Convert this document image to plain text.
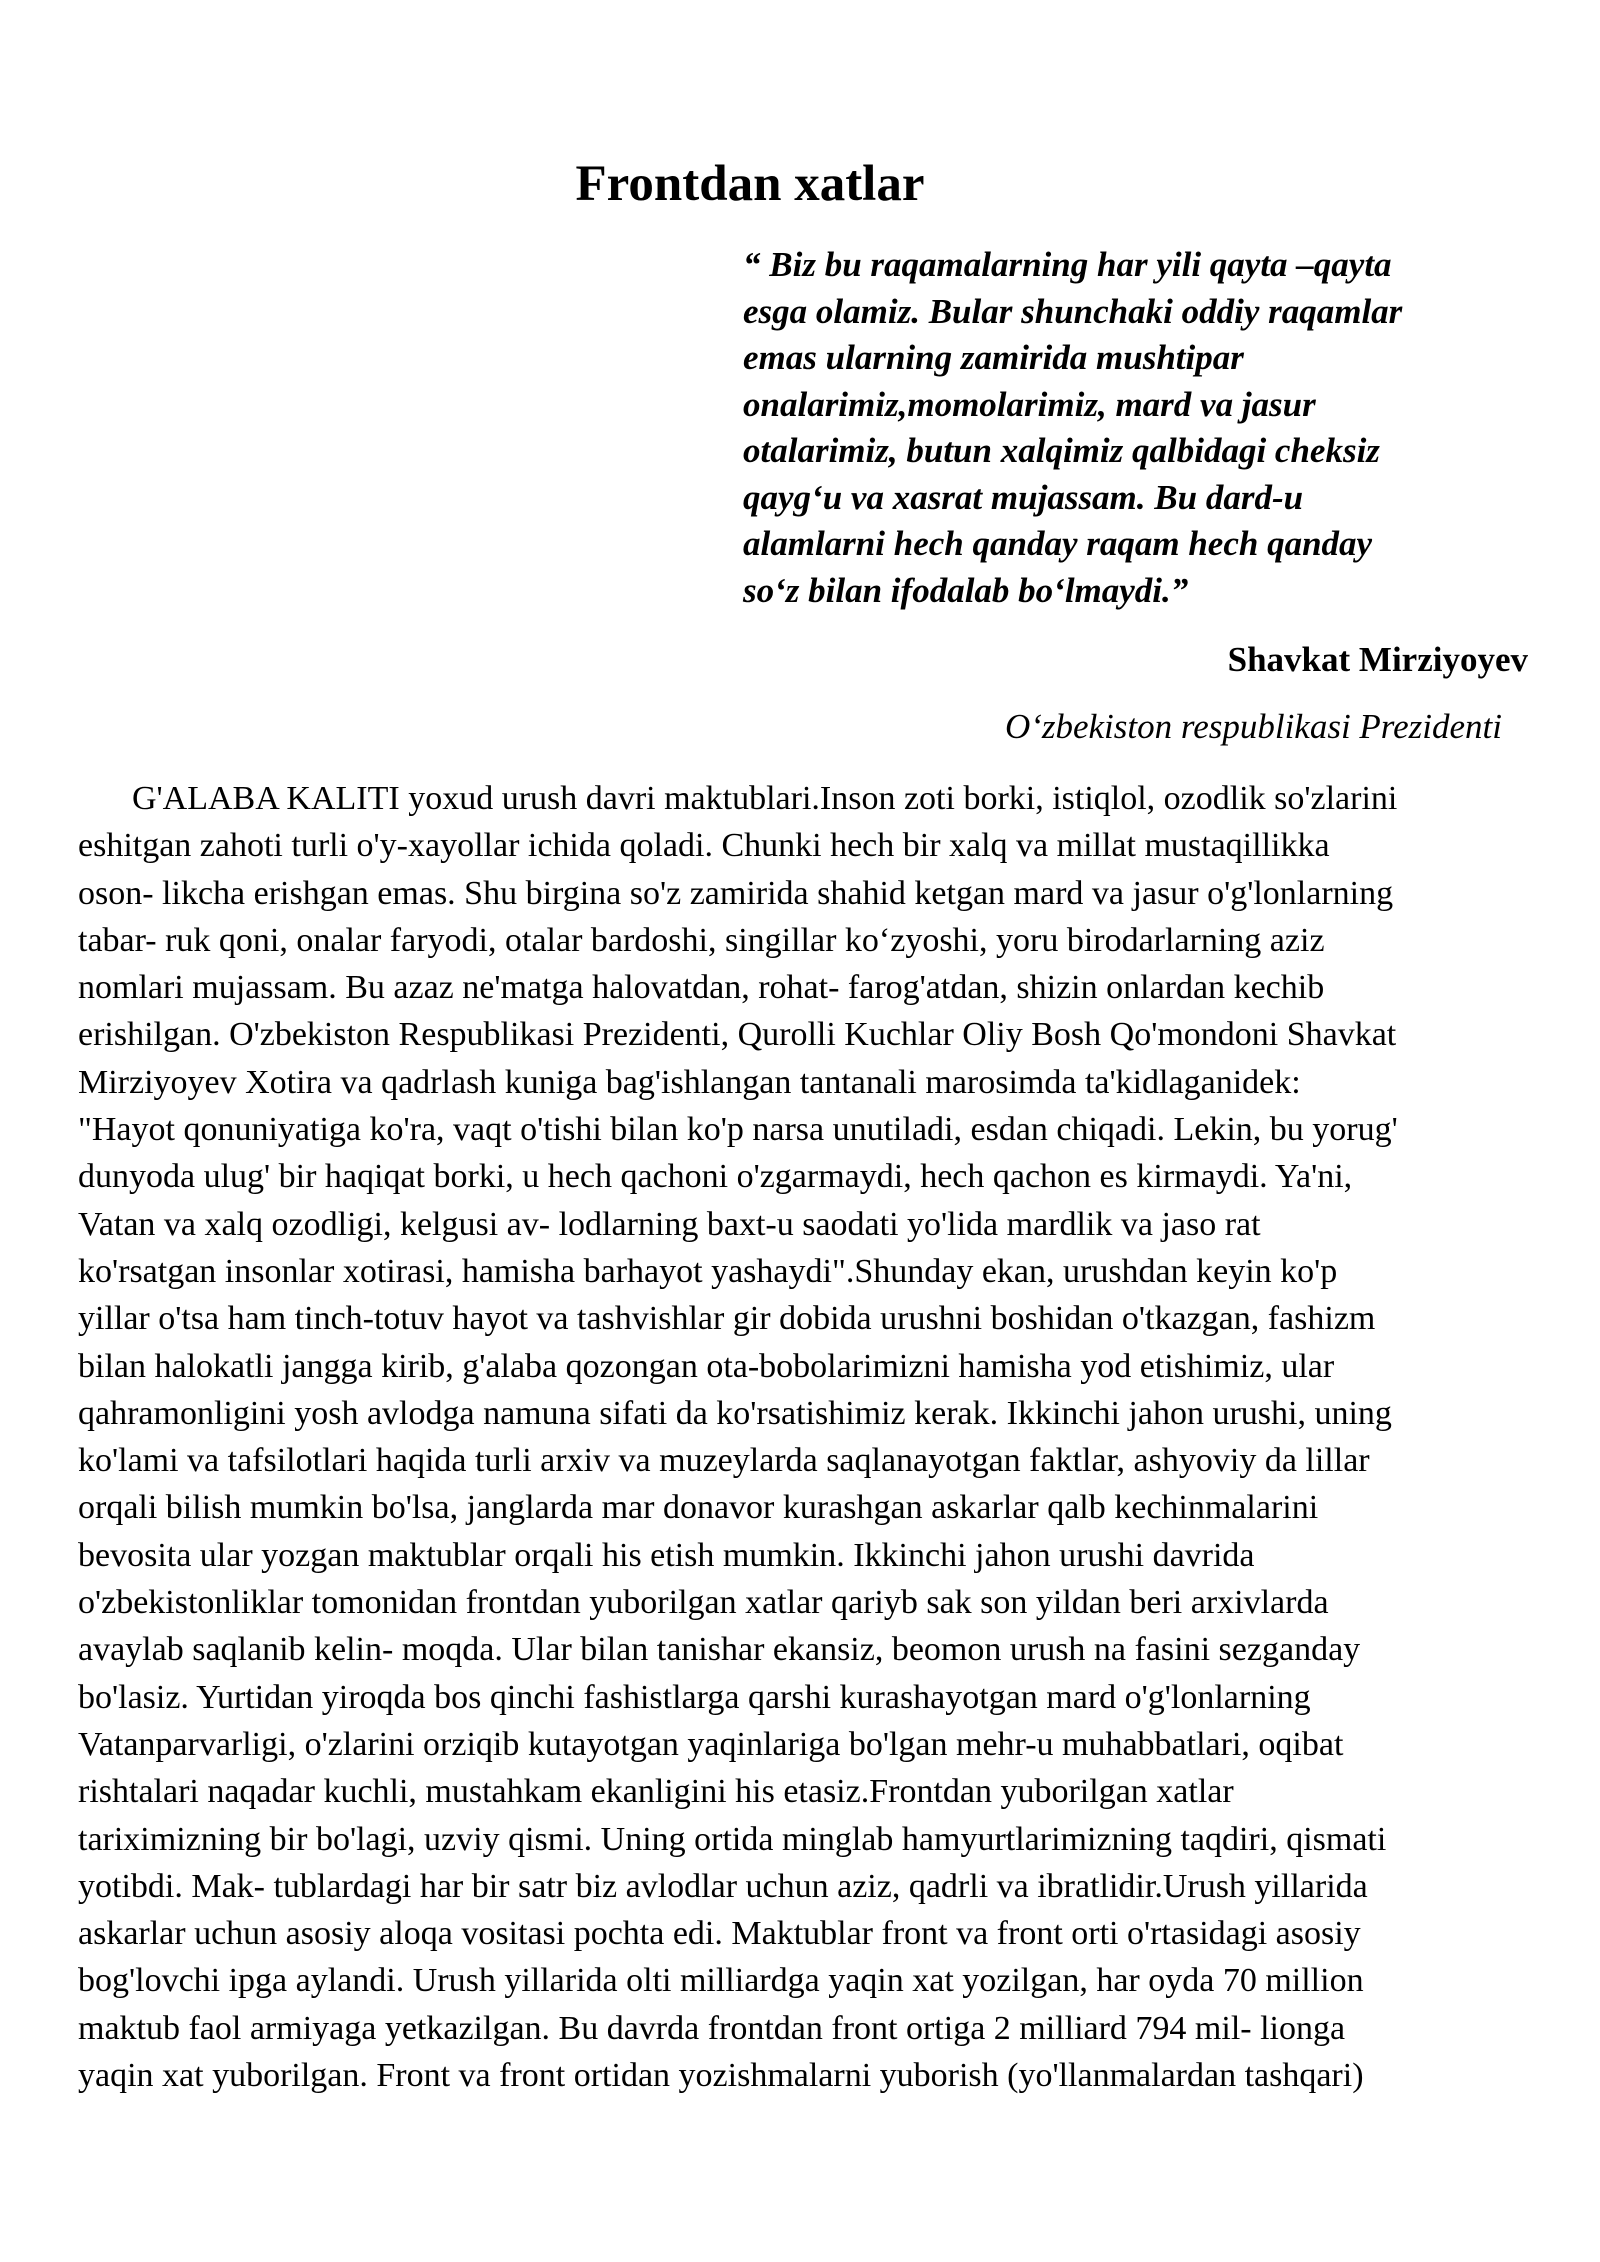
Frontdan xatlar
“ Biz bu raqamalarning har yili qayta –qayta
esga olamiz. Bular shunchaki oddiy raqamlar
emas ularning zamirida mushtipar
onalarimiz,momolarimiz, mard va jasur
otalarimiz, butun xalqimiz qalbidagi cheksiz
qayg‘u va xasrat mujassam. Bu dard-u
alamlarni hech qanday raqam hech qanday
so‘z bilan ifodalab bo‘lmaydi.”

Shavkat Mirziyoyev

O‘zbekiston respublikasi Prezidenti

G'ALABA KALITI yoxud urush davri maktublari.Inson zoti borki, istiqlol, ozodlik so'zlarini
eshitgan zahoti turli o'y-xayollar ichida qoladi. Chunki hech bir xalq va millat mustaqillikka
oson- likcha erishgan emas. Shu birgina so'z zamirida shahid ketgan mard va jasur o'g'lonlarning
tabar- ruk qoni, onalar faryodi, otalar bardoshi, singillar ko‘zyoshi, yoru birodarlarning aziz
nomlari mujassam. Bu azaz ne'matga halovatdan, rohat- farog'atdan, shizin onlardan kechib
erishilgan. O'zbekiston Respublikasi Prezidenti, Qurolli Kuchlar Oliy Bosh Qo'mondoni Shavkat
Mirziyoyev Xotira va qadrlash kuniga bag'ishlangan tantanali marosimda ta'kidlaganidek:
"Hayot qonuniyatiga ko'ra, vaqt o'tishi bilan ko'p narsa unutiladi, esdan chiqadi. Lekin, bu yorug'
dunyoda ulug' bir haqiqat borki, u hech qachoni o'zgarmaydi, hech qachon es kirmaydi. Ya'ni,
Vatan va xalq ozodligi, kelgusi av- lodlarning baxt-u saodati yo'lida mardlik va jaso rat
ko'rsatgan insonlar xotirasi, hamisha barhayot yashaydi".Shunday ekan, urushdan keyin ko'p
yillar o'tsa ham tinch-totuv hayot va tashvishlar gir dobida urushni boshidan o'tkazgan, fashizm
bilan halokatli jangga kirib, g'alaba qozongan ota-bobolarimizni hamisha yod etishimiz, ular
qahramonligini yosh avlodga namuna sifati da ko'rsatishimiz kerak. Ikkinchi jahon urushi, uning
ko'lami va tafsilotlari haqida turli arxiv va muzeylarda saqlanayotgan faktlar, ashyoviy da lillar
orqali bilish mumkin bo'lsa, janglarda mar donavor kurashgan askarlar qalb kechinmalarini
bevosita ular yozgan maktublar orqali his etish mumkin. Ikkinchi jahon urushi davrida
o'zbekistonliklar tomonidan frontdan yuborilgan xatlar qariyb sak son yildan beri arxivlarda
avaylab saqlanib kelin- moqda. Ular bilan tanishar ekansiz, beomon urush na fasini sezganday
bo'lasiz. Yurtidan yiroqda bos qinchi fashistlarga qarshi kurashayotgan mard o'g'lonlarning
Vatanparvarligi, o'zlarini orziqib kutayotgan yaqinlariga bo'lgan mehr-u muhabbatlari, oqibat
rishtalari naqadar kuchli, mustahkam ekanligini his etasiz.Frontdan yuborilgan xatlar
tariximizning bir bo'lagi, uzviy qismi. Uning ortida minglab hamyurtlarimizning taqdiri, qismati
yotibdi. Mak- tublardagi har bir satr biz avlodlar uchun aziz, qadrli va ibratlidir.Urush yillarida
askarlar uchun asosiy aloqa vositasi pochta edi. Maktublar front va front orti o'rtasidagi asosiy
bog'lovchi ipga aylandi. Urush yillarida olti milliardga yaqin xat yozilgan, har oyda 70 million
maktub faol armiyaga yetkazilgan. Bu davrda frontdan front ortiga 2 milliard 794 mil- lionga
yaqin xat yuborilgan. Front va front ortidan yozishmalarni yuborish (yo'llanmalardan tashqari)
